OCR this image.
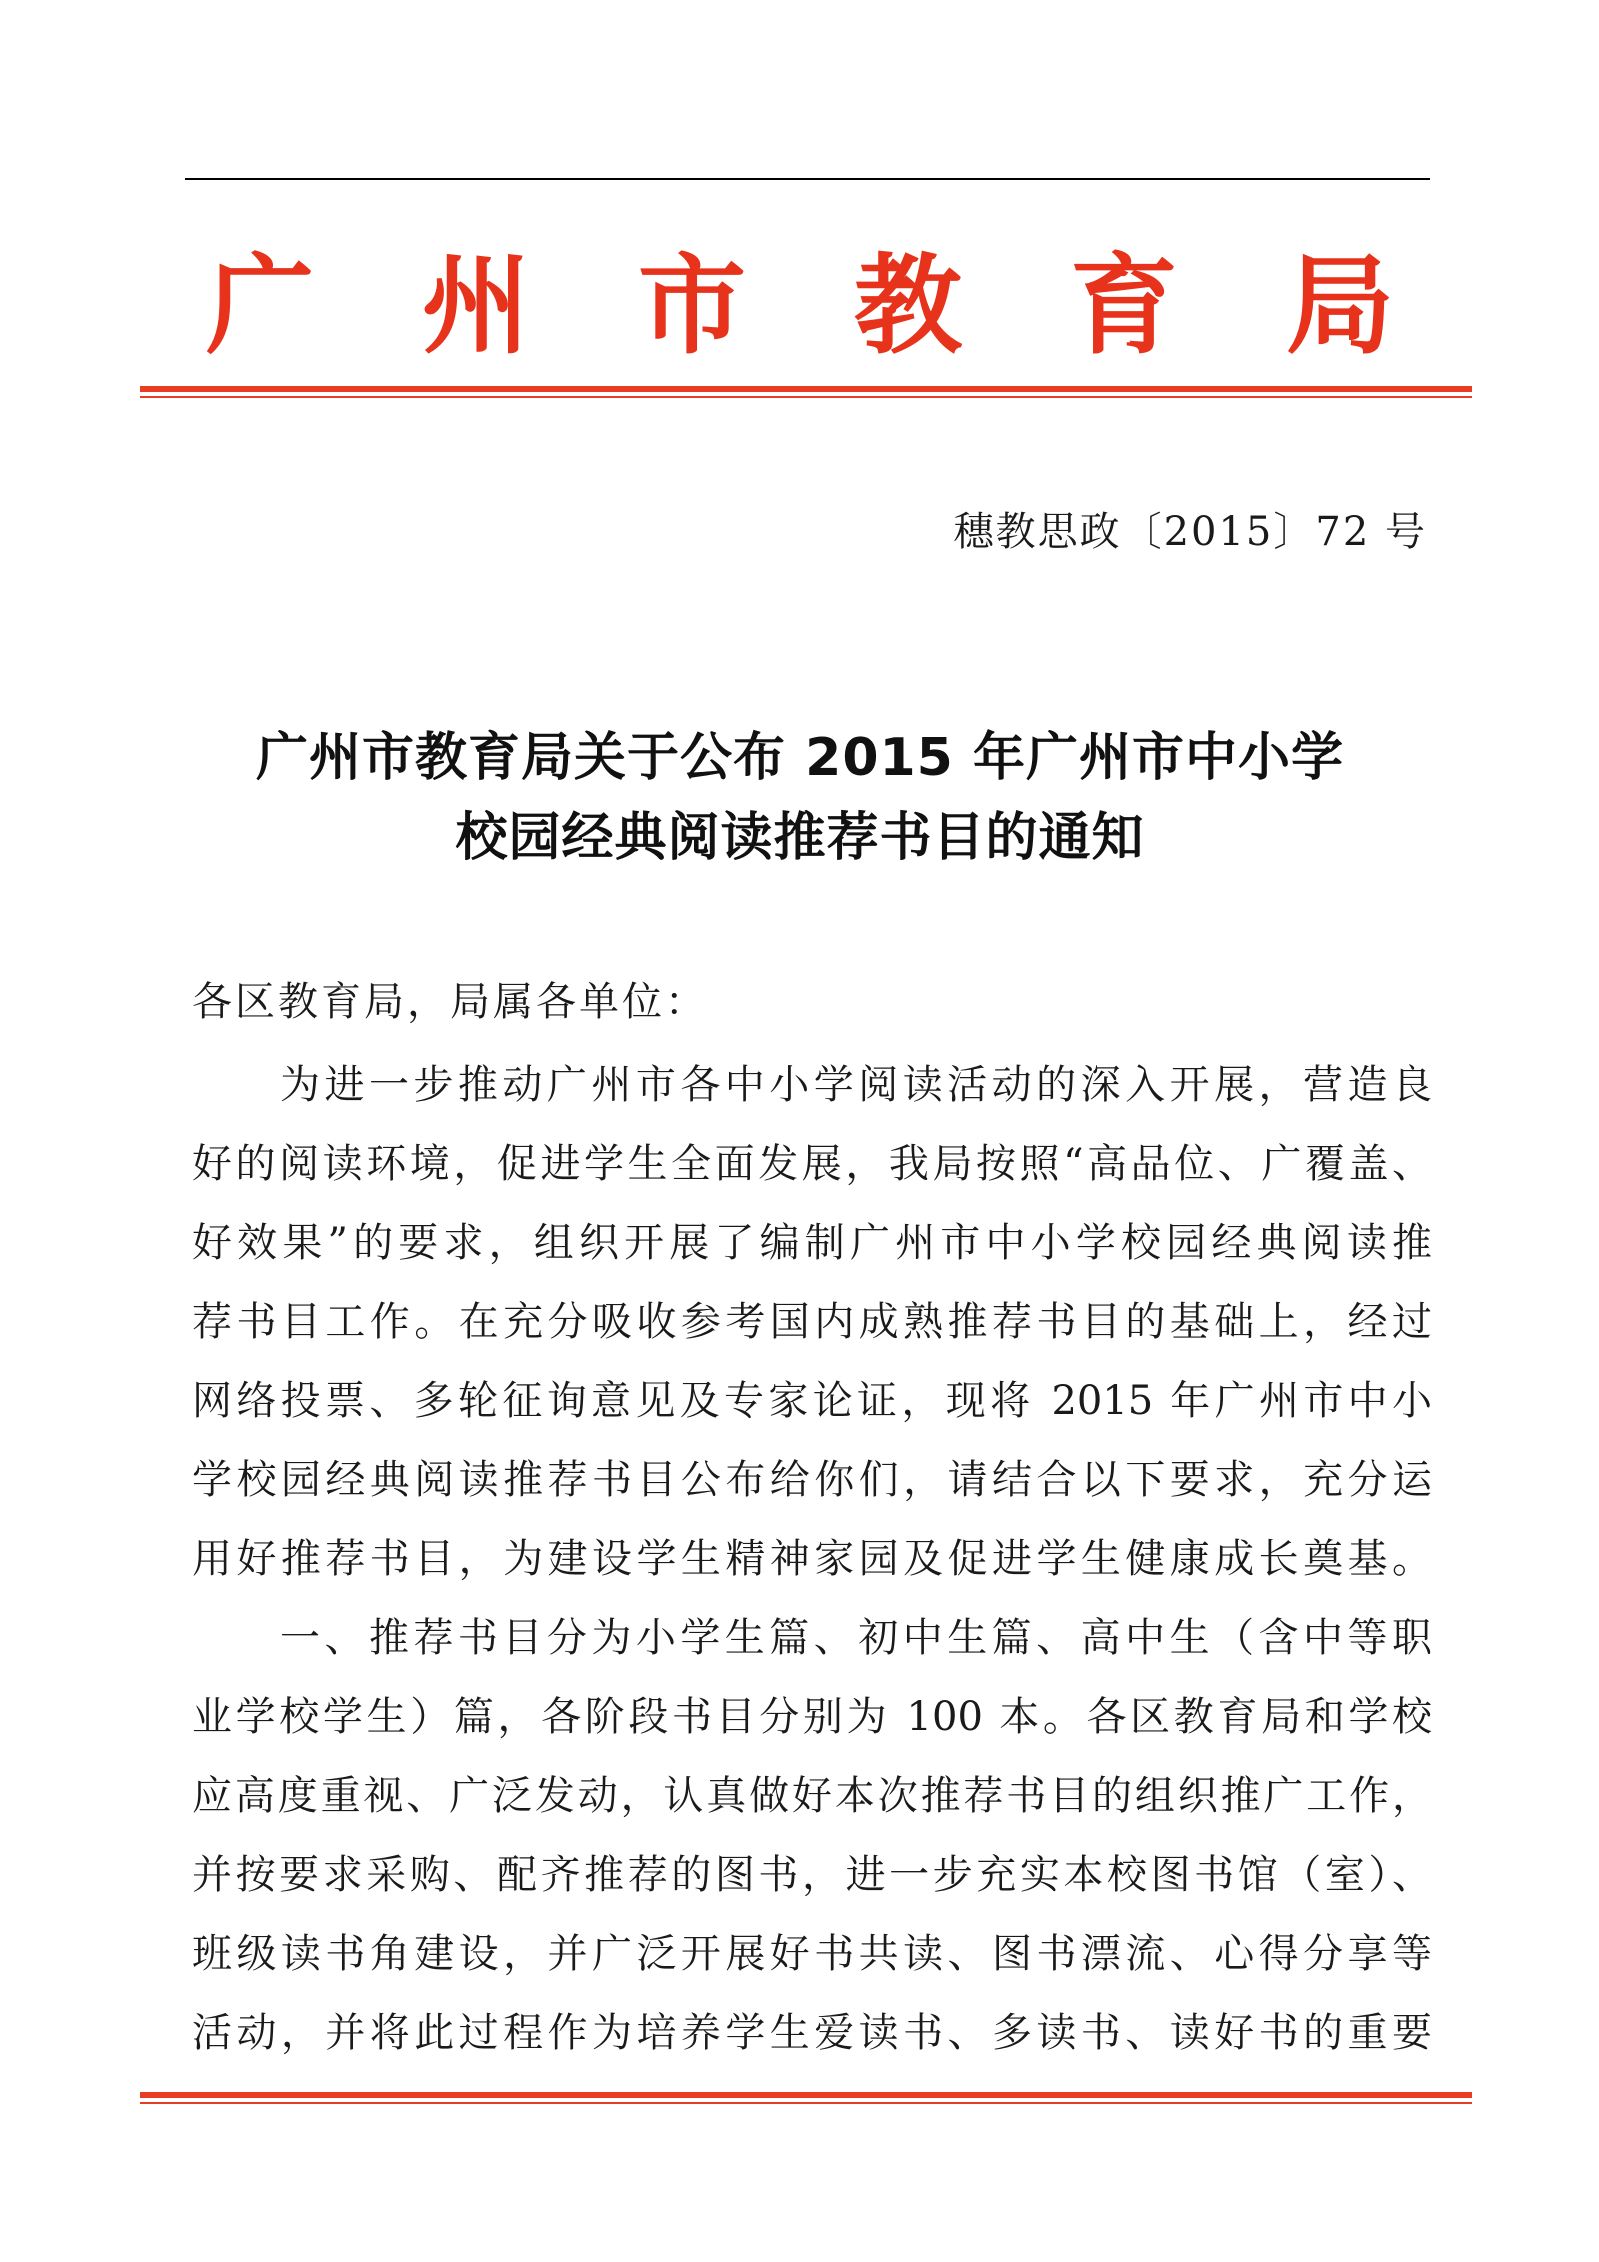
广 州 市 教 育 局
穗教思政〔2015〕72 号
广州市教育局关于公布 2015 年广州市中小学
校园经典阅读推荐书目的通知
各区教育局，局属各单位：
为进一步推动广州市各中小学阅读活动的深入开展，营造良
好的阅读环境，促进学生全面发展，我局按照“高品位、广覆盖、
好效果”的要求，组织开展了编制广州市中小学校园经典阅读推
荐书目工作。在充分吸收参考国内成熟推荐书目的基础上，经过
网络投票、多轮征询意见及专家论证，现将 2015 年广州市中小
学校园经典阅读推荐书目公布给你们，请结合以下要求，充分运
用好推荐书目，为建设学生精神家园及促进学生健康成长奠基。
一、推荐书目分为小学生篇、初中生篇、高中生（含中等职
业学校学生）篇，各阶段书目分别为 100 本。各区教育局和学校
应高度重视、广泛发动，认真做好本次推荐书目的组织推广工作，
并按要求采购、配齐推荐的图书，进一步充实本校图书馆（室）、
班级读书角建设，并广泛开展好书共读、图书漂流、心得分享等
活动，并将此过程作为培养学生爱读书、多读书、读好书的重要
